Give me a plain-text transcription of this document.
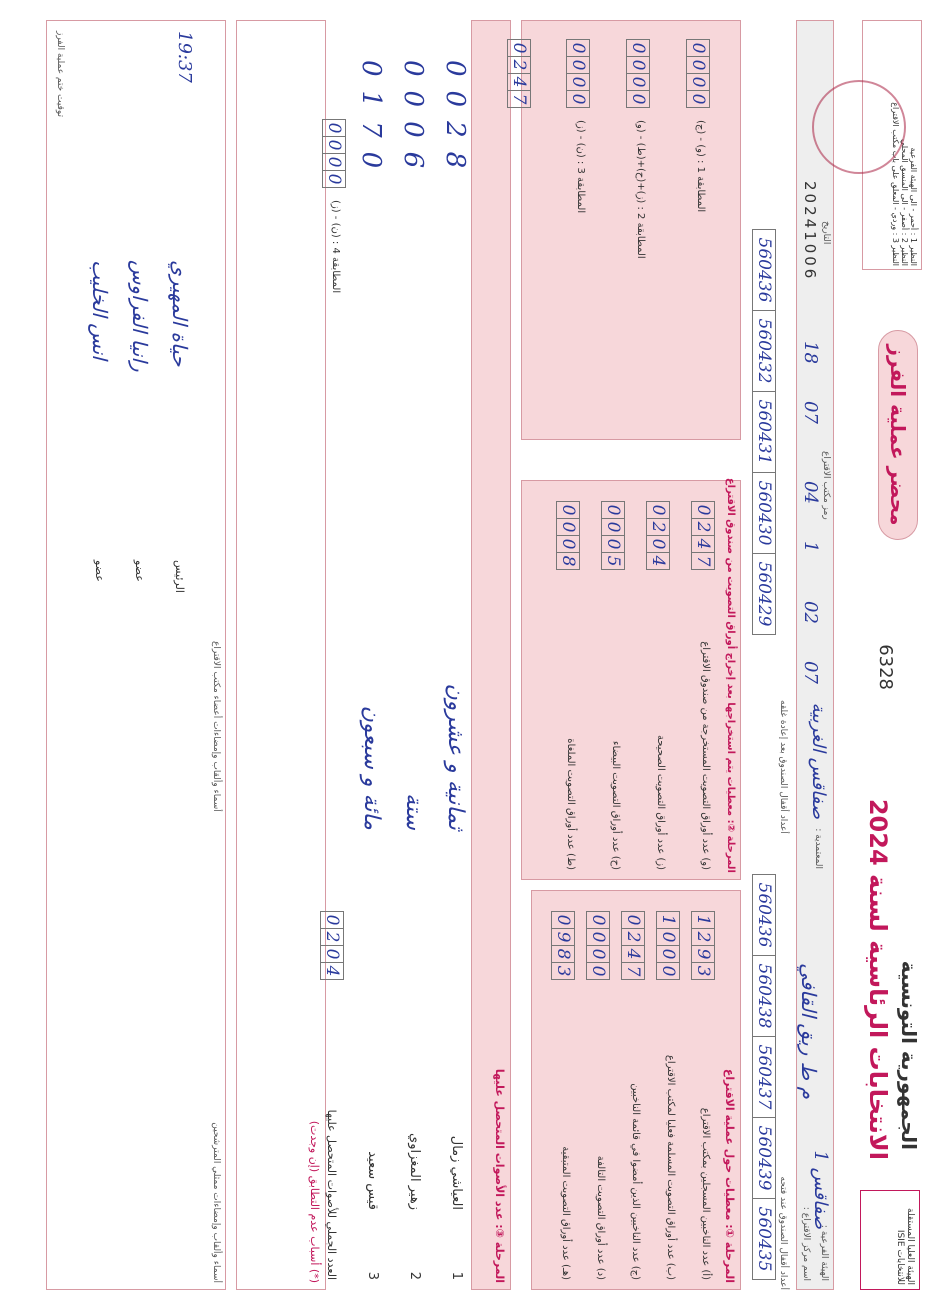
الجمهورية التونسية
الانتخابات الرئاسية لسنة 2024
6328
الهيئة العليا المستقلة للانتخابات ISIE
محضر عملية الفرز
النظير 1 : أحمر - الى الهيئة الفرعية
النظير 2 : أصفر - الى المنسق المحلي
النظير 3 : وردي - المعلق على باب مكتب الاقتراع
الهيئة الفرعية :
صفاقس 1
اسم مركز الاقتراع :
م ط ريق القافي
المعتمدية :
صفاقس الغربية
رمز مكتب الاقتراع
07
02
1
04
07
18
التاريخ
20241006
أعداد أقفال الصندوق عند فتحه
أعداد أقفال الصندوق بعد إعادة غلقه
560436
560438
560437
560439
560435
560436
560432
560431
560430
560429
المرحلة ①: معطيات حول عملية الاقتراع
المرحلة ②: معطيات يتم استخراجها بعد إخراج أوراق التصويت من صندوق الاقتراع
المرحلة ③: عدد الأصوات المتحصل عليها
(*) أسباب عدم التطابق (إن وجدت)
أسماء وألقاب وإمضاءات ممثلي المترشحين
أسماء وألقاب وإمضاءات أعضاء مكتب الاقتراع
توقيت ختم عملية الفرز	19:37
(أ) عدد الناخبين المسجلين بمكتب الاقتراع
1
2
9
3
(ب) عدد أوراق التصويت المسلمة فعليا لمكتب الاقتراع
1
0
0
0
(ج) عدد الناخبين الذين أمضوا في قائمة الناخبين
0
2
4
7
(د) عدد أوراق التصويت التالفة
0
0
0
0
(هـ) عدد أوراق التصويت المتبقية
0
9
8
3
(و) عدد أوراق التصويت المستخرجة من صندوق الاقتراع
0
2
4
7
(ز) عدد أوراق التصويت الصحيحة
0
2
0
4
(ح) عدد أوراق التصويت البيضاء
0
0
0
5
(ط) عدد أوراق التصويت الملغاة
0
0
0
8
المطابقة 1 : (و) - (ج)
0
0
0
0
المطابقة 2 : (ز)+(ح)+(ط) - (و)
0
0
0
0
المطابقة 3 : (ن) - (ز)
0
0
0
0
0
2
4
7
1
العياشي زمال
ثمانية و عشرون
0028
2
زهير المغزاوي
ستة
0006
3
قيس سعيد
مائة و سبعون
0170
العدد الجملي للأصوات المتحصل عليها
0
2
0
4
المطابقة 4 : (ن) - (ز)
0
0
0
0
الرئيس
حياة المهيري
عضو
رانيا الفراوس
عضو
انس الخليب
